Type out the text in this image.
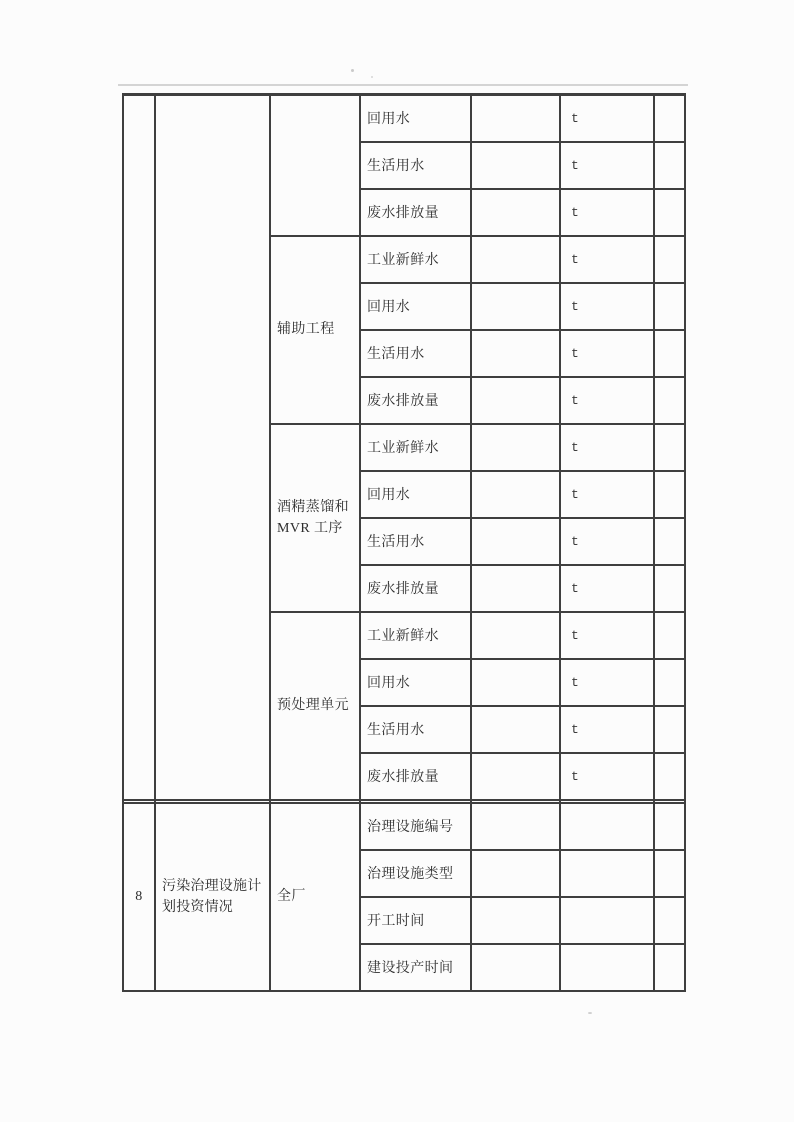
			回用水		t	
			生活用水		t	
			废水排放量		t	
		辅助工程	工业新鲜水		t	
			回用水		t	
			生活用水		t	
			废水排放量		t	
		酒精蒸馏和 MVR 工序	工业新鲜水		t	
			回用水		t	
			生活用水		t	
			废水排放量		t	
		预处理单元	工业新鲜水		t	
			回用水		t	
			生活用水		t	
			废水排放量		t	

8	污染治理设施计划投资情况	全厂	治理设施编号			
			治理设施类型			
			开工时间			
			建设投产时间			
